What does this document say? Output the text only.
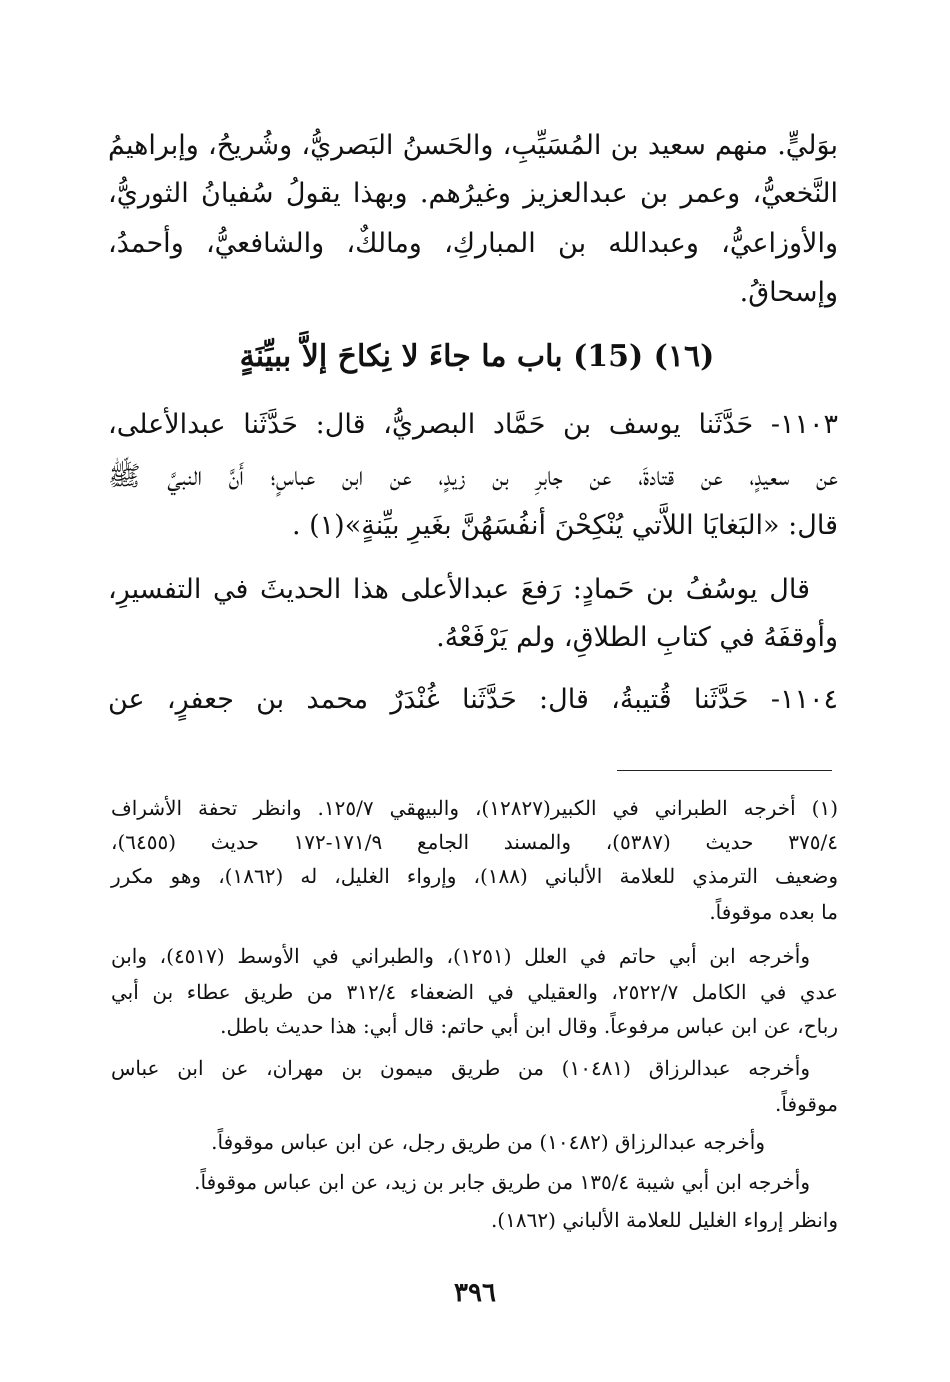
بوَليٍّ. منهم سعيد بن المُسَيِّبِ، والحَسنُ البَصريُّ، وشُريحُ، وإبراهيمُ
النَّخعيُّ، وعمر بن عبدالعزيز وغيرُهم. وبهذا يقولُ سُفيانُ الثوريُّ،
والأوزاعيُّ، وعبدالله بن المباركِ، ومالكٌ، والشافعيُّ، وأحمدُ،
وإسحاقُ.
(١٦) (15) باب ما جاءَ لا نِكاحَ إلاَّ ببيِّنَةٍ
١١٠٣- حَدَّثَنا يوسف بن حَمَّاد البصريُّ، قال: حَدَّثَنا عبدالأعلى،
عن سعيدٍ، عن قتادةَ، عن جابرِ بن زيدٍ، عن ابن عباسٍ؛ أَنَّ النبيَّ ﷺ
قال: «البَغايَا اللاَّتي يُنْكِحْنَ أنفُسَهُنَّ بغَيرِ بيِّنةٍ»(١) .
قال يوسُفُ بن حَمادٍ: رَفعَ عبدالأعلى هذا الحديثَ في التفسيرِ،
وأوقفَهُ في كتابِ الطلاقِ، ولم يَرْفَعْهُ.
١١٠٤- حَدَّثَنا قُتيبةُ، قال: حَدَّثَنا غُنْدَرٌ محمد بن جعفرٍ، عن
(١) أخرجه الطبراني في الكبير(١٢٨٢٧)، والبيهقي ١٢٥/٧. وانظر تحفة الأشراف
٣٧٥/٤ حديث (٥٣٨٧)، والمسند الجامع ١٧١/٩-١٧٢ حديث (٦٤٥٥)،
وضعيف الترمذي للعلامة الألباني (١٨٨)، وإرواء الغليل، له (١٨٦٢)، وهو مكرر
ما بعده موقوفاً.
وأخرجه ابن أبي حاتم في العلل (١٢٥١)، والطبراني في الأوسط (٤٥١٧)، وابن
عدي في الكامل ٢٥٢٢/٧، والعقيلي في الضعفاء ٣١٢/٤ من طريق عطاء بن أبي
رباح، عن ابن عباس مرفوعاً. وقال ابن أبي حاتم: قال أبي: هذا حديث باطل.
وأخرجه عبدالرزاق (١٠٤٨١) من طريق ميمون بن مهران، عن ابن عباس
موقوفاً.
وأخرجه عبدالرزاق (١٠٤٨٢) من طريق رجل، عن ابن عباس موقوفاً.
وأخرجه ابن أبي شيبة ١٣٥/٤ من طريق جابر بن زيد، عن ابن عباس موقوفاً.
وانظر إرواء الغليل للعلامة الألباني (١٨٦٢).
٣٩٦
